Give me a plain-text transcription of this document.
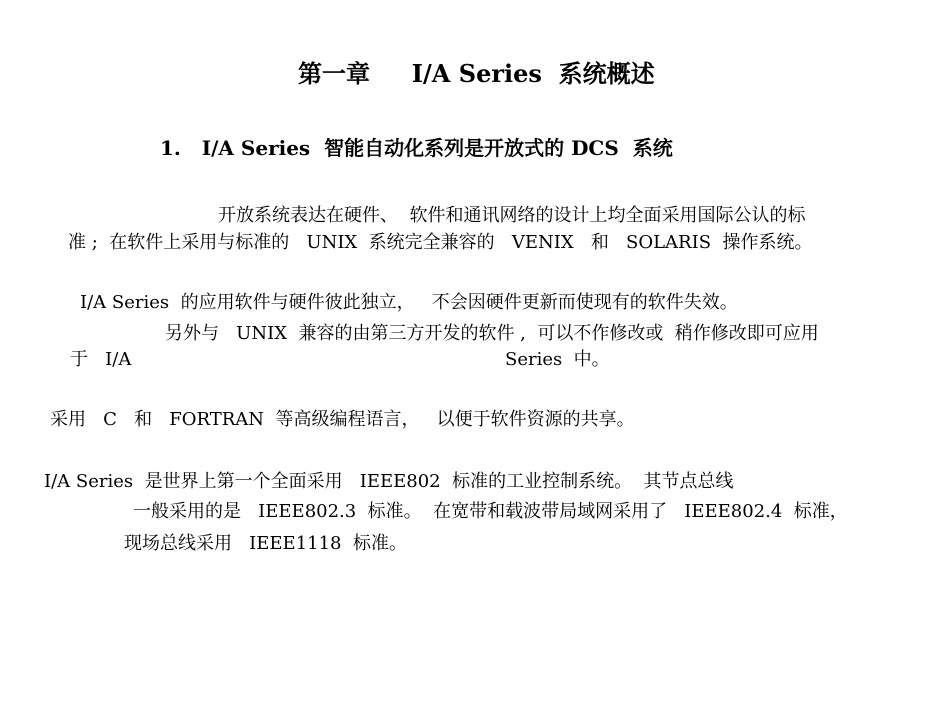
第一章     I/A Series  系统概述
1.   I/A Series  智能自动化系列是开放式的 DCS  系统
开放系统表达在硬件、  软件和通讯网络的设计上均全面采用国际公认的标
准 ;  在软件上采用与标准的   UNIX  系统完全兼容的   VENIX   和   SOLARIS  操作系统。
I/A Series  的应用软件与硬件彼此独立，   不会因硬件更新而使现有的软件失效。
另外与   UNIX  兼容的由第三方开发的软件 ,  可以不作修改或  稍作修改即可应用
于   I/A	Series  中。
采用   C   和   FORTRAN  等高级编程语言，   以便于软件资源的共享。
I/A Series  是世界上第一个全面采用   IEEE802  标准的工业控制系统。  其节点总线
一般采用的是   IEEE802.3  标准。  在宽带和载波带局域网采用了   IEEE802.4  标准，
现场总线采用   IEEE1118  标准。
